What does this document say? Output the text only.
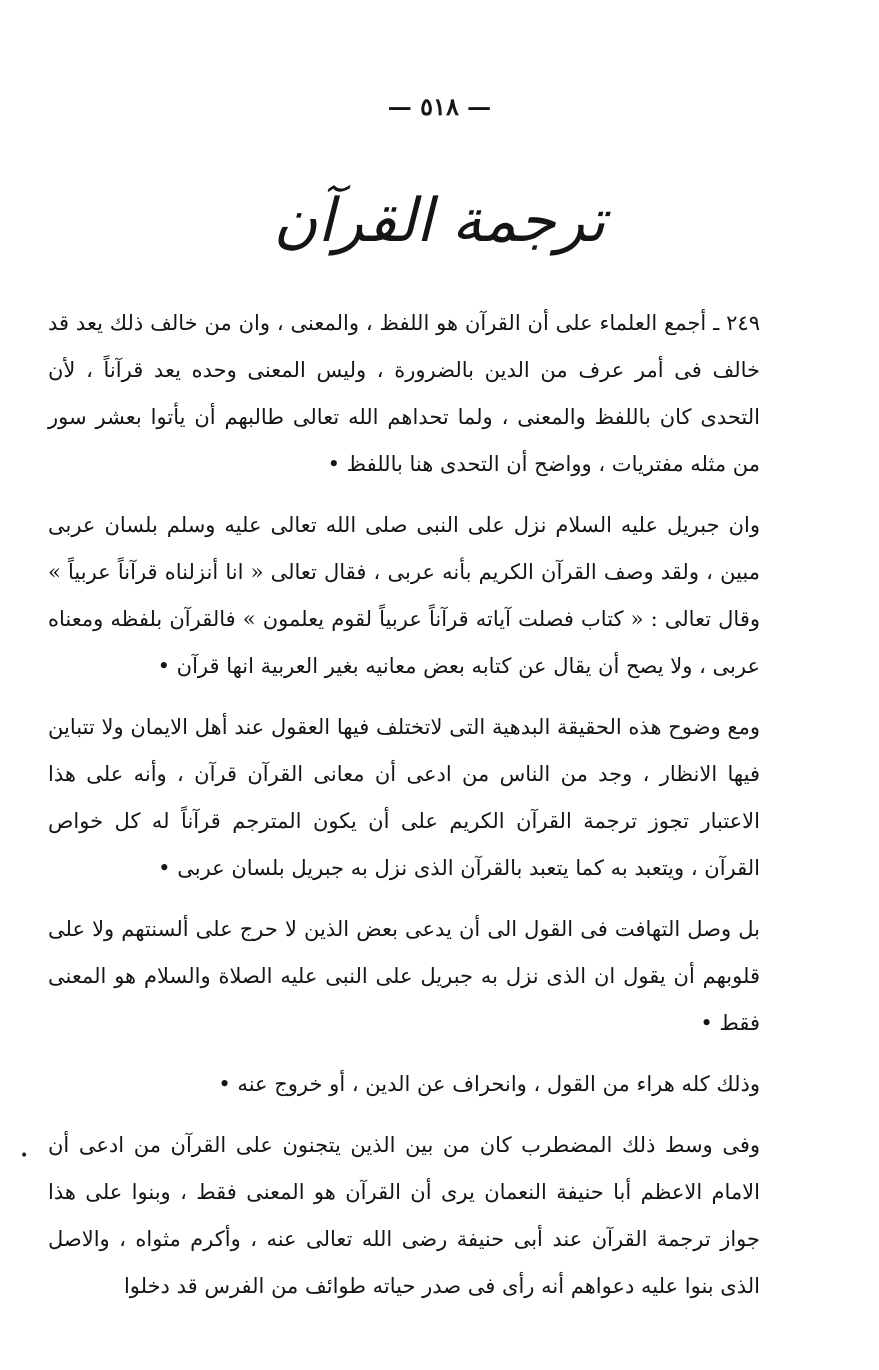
— ٥١٨ —
ترجمة القرآن

٢٤٩ ـ أجمع العلماء على أن القرآن هو اللفظ ، والمعنى ، وان من خالف ذلك يعد قد خالف فى أمر عرف من الدين بالضرورة ، وليس المعنى وحده يعد قرآناً ، لأن التحدى كان باللفظ والمعنى ، ولما تحداهم الله تعالى طالبهم أن يأتوا بعشر سور من مثله مفتريات ، وواضح أن التحدى هنا باللفظ •

وان جبريل عليه السلام نزل على النبى صلى الله تعالى عليه وسلم بلسان عربى مبين ، ولقد وصف القرآن الكريم بأنه عربى ، فقال تعالى « انا أنزلناه قرآناً عربياً » وقال تعالى : « كتاب فصلت آياته قرآناً عربياً لقوم يعلمون » فالقرآن بلفظه ومعناه عربى ، ولا يصح أن يقال عن كتابه بعض معانيه بغير العربية انها قرآن •

ومع وضوح هذه الحقيقة البدهية التى لاتختلف فيها العقول عند أهل الايمان ولا تتباين فيها الانظار ، وجد من الناس من ادعى أن معانى القرآن قرآن ، وأنه على هذا الاعتبار تجوز ترجمة القرآن الكريم على أن يكون المترجم قرآناً له كل خواص القرآن ، ويتعبد به كما يتعبد بالقرآن الذى نزل به جبريل بلسان عربى •

بل وصل التهافت فى القول الى أن يدعى بعض الذين لا حرج على ألسنتهم ولا على قلوبهم أن يقول ان الذى نزل به جبريل على النبى عليه الصلاة والسلام هو المعنى فقط •

وذلك كله هراء من القول ، وانحراف عن الدين ، أو خروج عنه •

وفى وسط ذلك المضطرب كان من بين الذين يتجنون على القرآن من ادعى أن الامام الاعظم أبا حنيفة النعمان يرى أن القرآن هو المعنى فقط ، وبنوا على هذا جواز ترجمة القرآن عند أبى حنيفة رضى الله تعالى عنه ، وأكرم مثواه ، والاصل الذى بنوا عليه دعواهم أنه رأى فى صدر حياته طوائف من الفرس قد دخلوا

•
